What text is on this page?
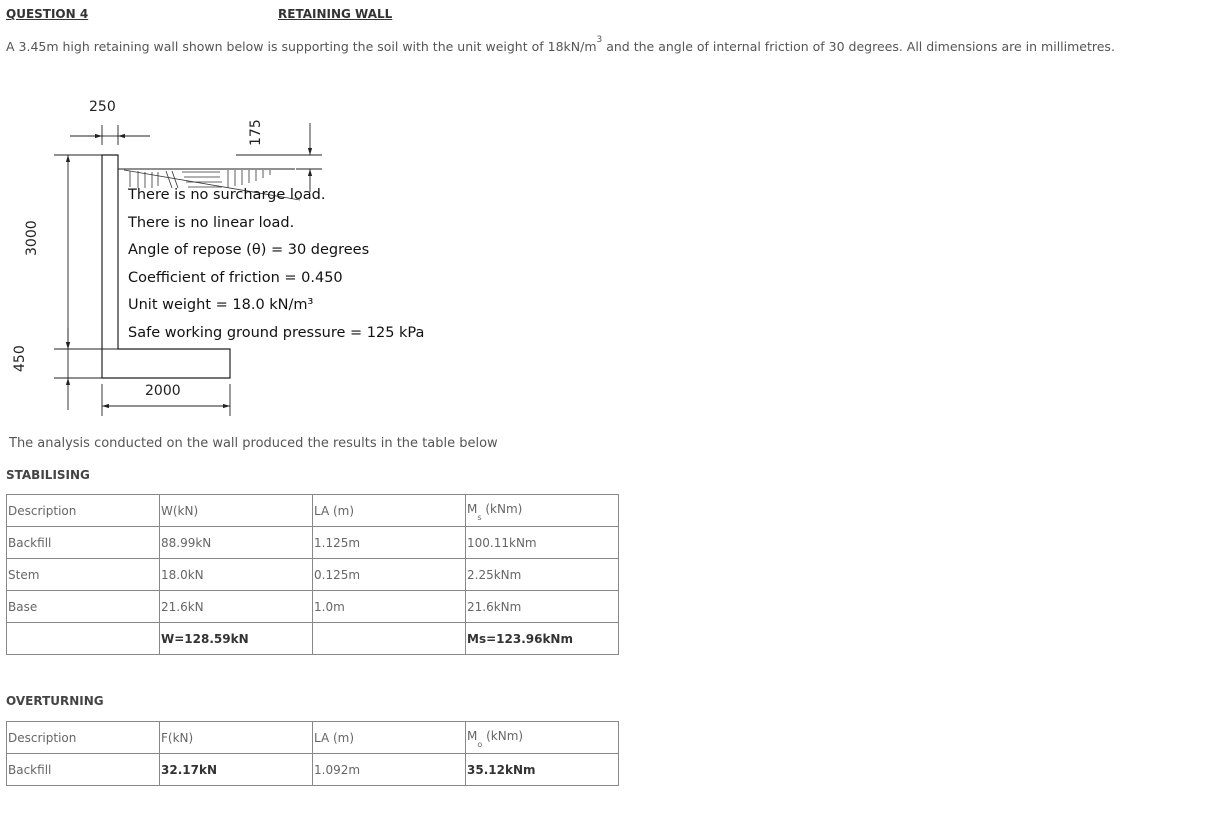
QUESTION 4	RETAINING WALL
A 3.45m high retaining wall shown below is supporting the soil with the unit weight of $18kN/m^3$ and the angle of internal friction of 30 degrees. All dimensions are in millimetres.
250
175
3000
450
2000
There is no surcharge load.
There is no linear load.
Angle of repose (θ) = 30 degrees
Coefficient of friction = 0.450
Unit weight = 18.0 kN/m³
Safe working ground pressure = 125 kPa
The analysis conducted on the wall produced the results in the table below
STABILISING
Description	W(kN)	LA (m)	$M_s$ (kNm)
Backfill	88.99kN	1.125m	100.11kNm
Stem	18.0kN	0.125m	2.25kNm
Base	21.6kN	1.0m	21.6kNm
	W=128.59kN		Ms=123.96kNm
OVERTURNING
Description	F(kN)	LA (m)	$M_o$ (kNm)
Backfill	32.17kN	1.092m	35.12kNm
